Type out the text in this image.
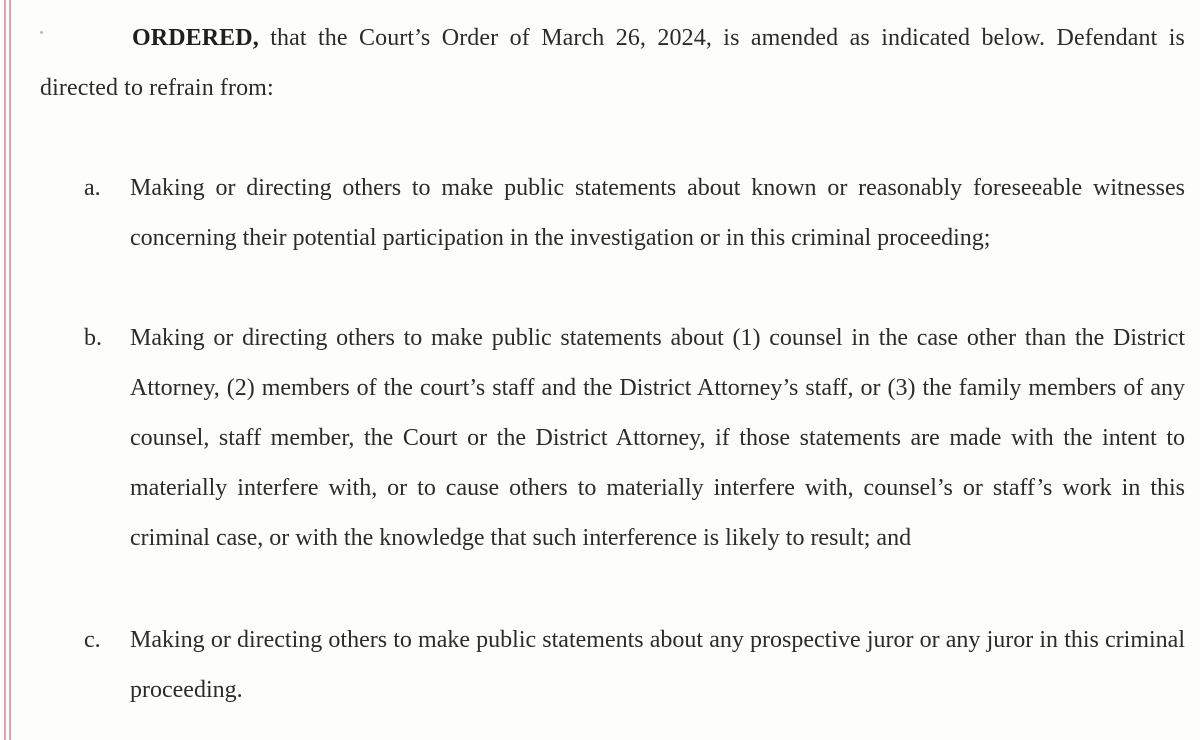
ORDERED, that the Court’s Order of March 26, 2024, is amended as indicated below. Defendant is directed to refrain from:
a.	Making or directing others to make public statements about known or reasonably foreseeable witnesses concerning their potential participation in the investigation or in this criminal proceeding;
b.	Making or directing others to make public statements about (1) counsel in the case other than the District Attorney, (2) members of the court’s staff and the District Attorney’s staff, or (3) the family members of any counsel, staff member, the Court or the District Attorney, if those statements are made with the intent to materially interfere with, or to cause others to materially interfere with, counsel’s or staff’s work in this criminal case, or with the knowledge that such interference is likely to result; and
c.	Making or directing others to make public statements about any prospective juror or any juror in this criminal proceeding.
